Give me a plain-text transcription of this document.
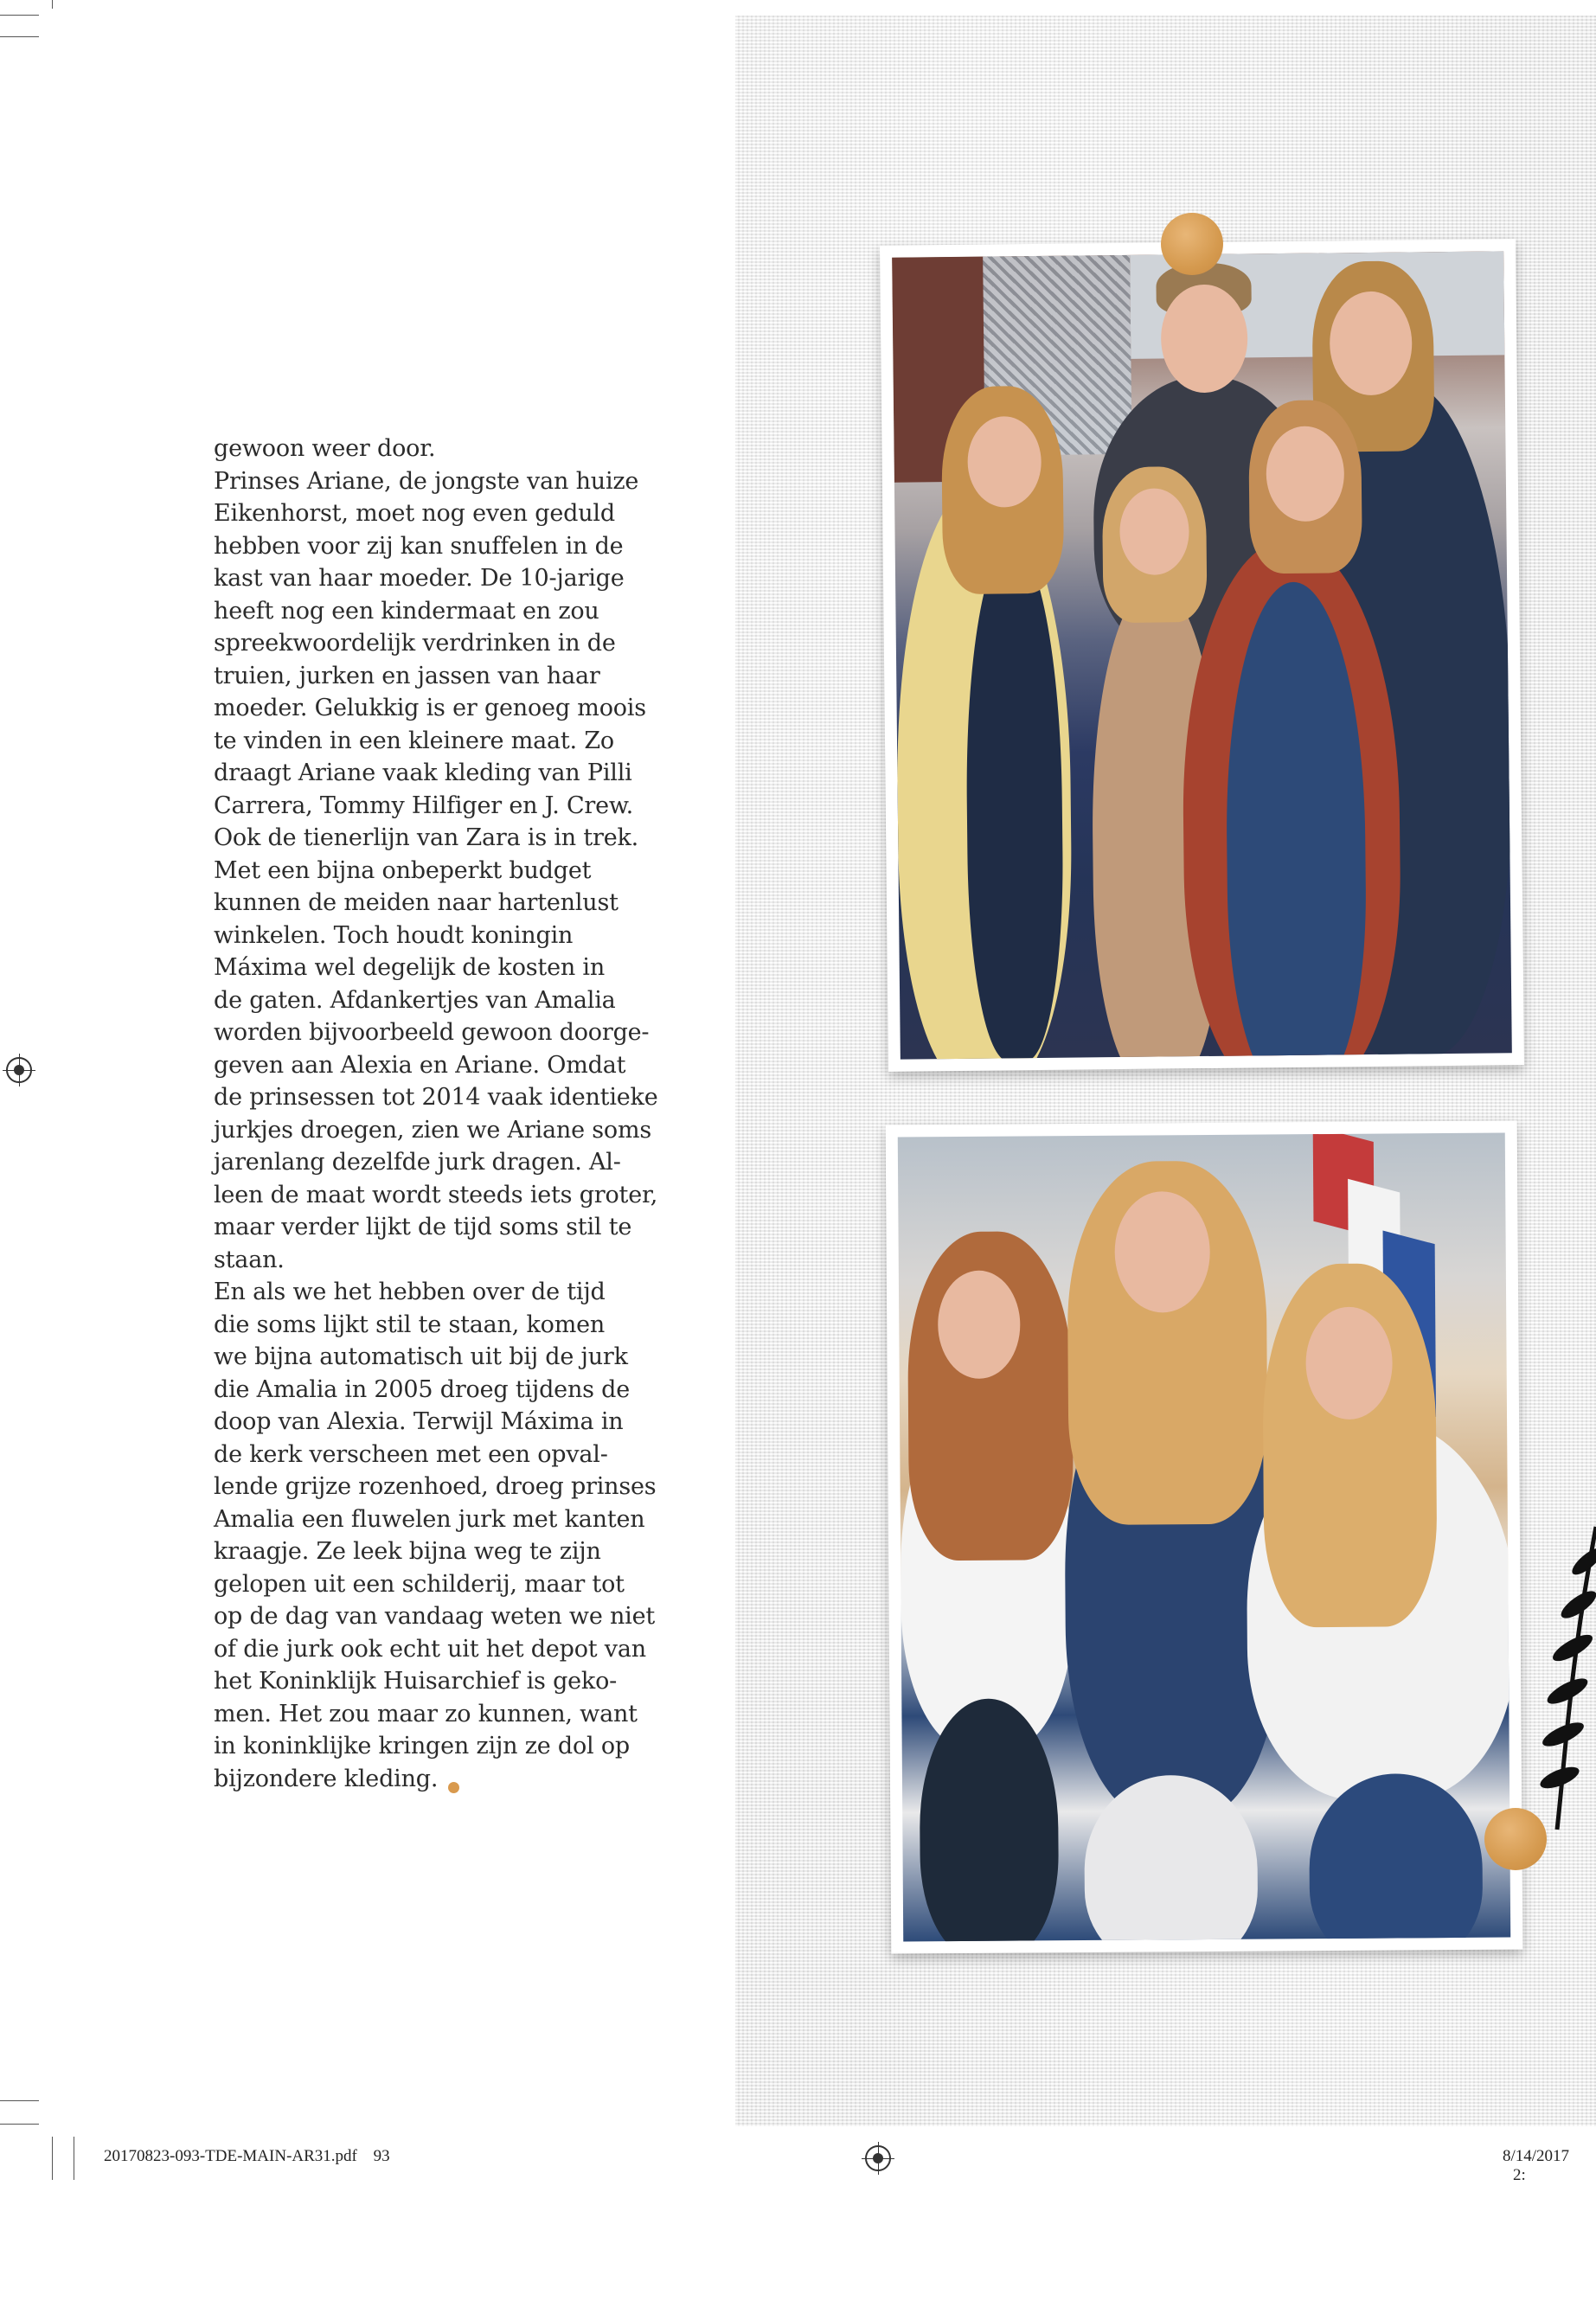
gewoon weer door.
Prinses Ariane, de jongste van huize
Eikenhorst, moet nog even geduld
hebben voor zij kan snuffelen in de
kast van haar moeder. De 10-jarige
heeft nog een kindermaat en zou
spreekwoordelijk verdrinken in de
truien, jurken en jassen van haar
moeder. Gelukkig is er genoeg moois
te vinden in een kleinere maat. Zo
draagt Ariane vaak kleding van Pilli
Carrera, Tommy Hilfiger en J. Crew.
Ook de tienerlijn van Zara is in trek.
Met een bijna onbeperkt budget
kunnen de meiden naar hartenlust
winkelen. Toch houdt koningin
Máxima wel degelijk de kosten in
de gaten. Afdankertjes van Amalia
worden bijvoorbeeld gewoon doorge-
geven aan Alexia en Ariane. Omdat
de prinsessen tot 2014 vaak identieke
jurkjes droegen, zien we Ariane soms
jarenlang dezelfde jurk dragen. Al-
leen de maat wordt steeds iets groter,
maar verder lijkt de tijd soms stil te
staan.
En als we het hebben over de tijd
die soms lijkt stil te staan, komen
we bijna automatisch uit bij de jurk
die Amalia in 2005 droeg tijdens de
doop van Alexia. Terwijl Máxima in
de kerk verscheen met een opval-
lende grijze rozenhoed, droeg prinses
Amalia een fluwelen jurk met kanten
kraagje. Ze leek bijna weg te zijn
gelopen uit een schilderij, maar tot
op de dag van vandaag weten we niet
of die jurk ook echt uit het depot van
het Koninklijk Huisarchief is geko-
men. Het zou maar zo kunnen, want
in koninklijke kringen zijn ze dol op
bijzondere kleding.
20170823-093-TDE-MAIN-AR31.pdf 93	8/14/2017 2:
